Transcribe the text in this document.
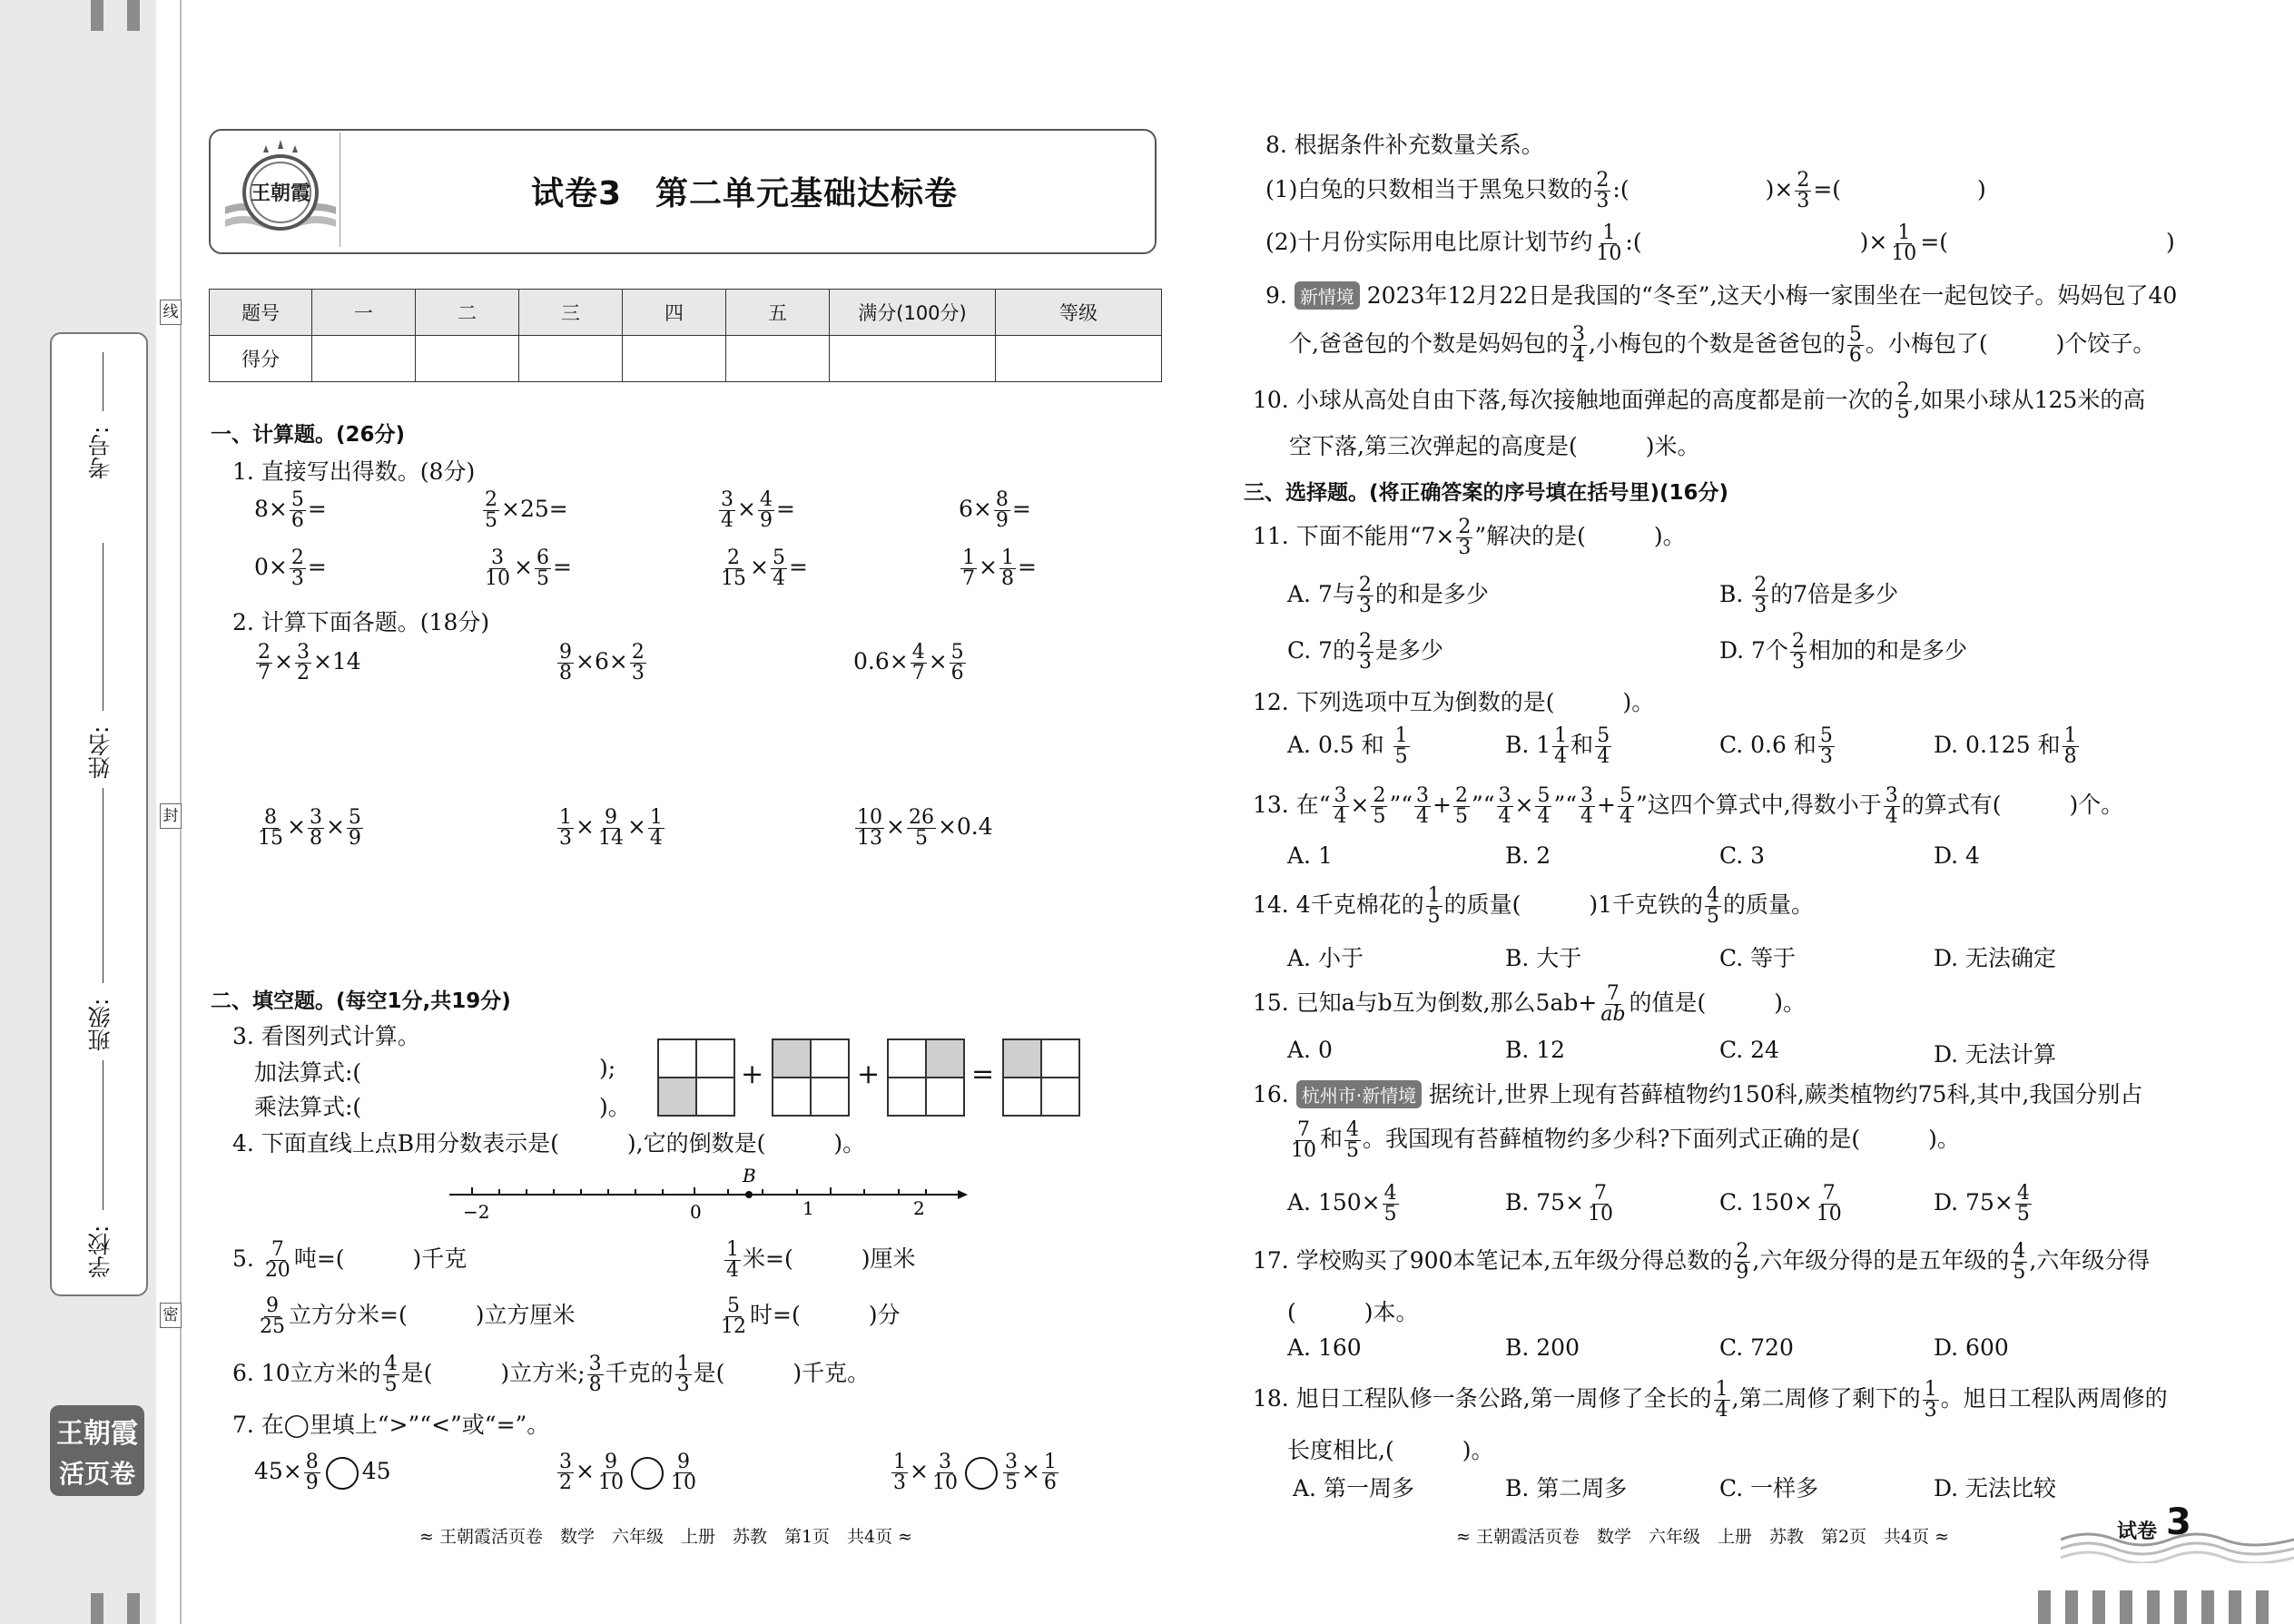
线
封
密
考号:
姓名:
班级:
学校:
王朝霞
活页卷
王朝霞	试卷3　第二单元基础达标卷
题号	一	二	三	四	五	满分(100分)	等级
得分							
一、计算题。(26分)
1. 直接写出得数。(8分)
$8\times \frac{5}{6}$ =	$\frac{2}{5} \times 25=$	$\frac{3}{4} \times \frac{4}{9}$ =	$6\times \frac{8}{9}$ =
$0\times \frac{2}{3}$ =	$\frac{3}{10} \times \frac{6}{5}$ =	$\frac{2}{15} \times \frac{5}{4}$ =	$\frac{1}{7} \times \frac{1}{8}$ =
2. 计算下面各题。(18分)
$\frac{2}{7} \times \frac{3}{2} \times 14$	$\frac{9}{8} \times 6\times \frac{2}{3}$	$0.6\times \frac{4}{7} \times \frac{5}{6}$
$\frac{8}{15} \times \frac{3}{8} \times \frac{5}{9}$	$\frac{1}{3} \times \frac{9}{14} \times \frac{1}{4}$	$\frac{10}{13} \times \frac{26}{5} \times 0.4$
二、填空题。(每空1分,共19分)
3. 看图列式计算。
加法算式:(	);
乘法算式:(	)。
+	+	=
4. 下面直线上点B用分数表示是(　　　),它的倒数是(　　　)。
−2	0	1	2
B
5. $\frac{7}{20}$ 吨=(　　　)千克	$\frac{1}{4}$ 米=(　　　)厘米
$\frac{9}{25}$ 立方分米=(　　　)立方厘米	$\frac{5}{12}$ 时=(　　　)分
6. 10立方米的 $\frac{4}{5}$ 是(　　　)立方米; $\frac{3}{8}$ 千克的 $\frac{1}{3}$ 是(　　　)千克。
7. 在◯里填上“>”“<”或“=”。
$45\times \frac{8}{9} 45$	$\frac{3}{2} \times \frac{9}{10} \frac{9}{10}$	$\frac{1}{3} \times \frac{3}{10} \frac{3}{5} \times \frac{1}{6}$
≈ 王朝霞活页卷　数学　六年级　上册　苏教　第1页　共4页 ≈
8. 根据条件补充数量关系。
(1)白兔的只数相当于黑兔只数的 $\frac{2}{3}$ :(	)× $\frac{2}{3}$ =(	)
(2)十月份实际用电比原计划节约 $\frac{1}{10}$ :(	)× $\frac{1}{10}$ =(	)
9. 新情境 2023年12月22日是我国的“冬至”,这天小梅一家围坐在一起包饺子。妈妈包了40
个,爸爸包的个数是妈妈包的 $\frac{3}{4}$ ,小梅包的个数是爸爸包的 $\frac{5}{6}$ 。小梅包了(　　　)个饺子。
10. 小球从高处自由下落,每次接触地面弹起的高度都是前一次的 $\frac{2}{5}$ ,如果小球从125米的高
空下落,第三次弹起的高度是(　　　)米。
三、选择题。(将正确答案的序号填在括号里)(16分)
11. 下面不能用“$7\times \frac{2}{3}$ ”解决的是(　　　)。
A. 7与 $\frac{2}{3}$ 的和是多少	B. $\frac{2}{3}$ 的7倍是多少
C. 7的 $\frac{2}{3}$ 是多少	D. 7个 $\frac{2}{3}$ 相加的和是多少
12. 下列选项中互为倒数的是(　　　)。
A. 0.5 和 $\frac{1}{5}$	B. $1 \frac{1}{4}$ 和 $\frac{5}{4}$	C. 0.6 和 $\frac{5}{3}$	D. 0.125 和 $\frac{1}{8}$
13. 在“ $\frac{3}{4} \times \frac{2}{5}$ ”“ $\frac{3}{4} + \frac{2}{5}$ ”“ $\frac{3}{4} \times \frac{5}{4}$ ”“ $\frac{3}{4} + \frac{5}{4}$ ”这四个算式中,得数小于 $\frac{3}{4}$ 的算式有(　　　)个。
A. 1	B. 2	C. 3	D. 4
14. 4千克棉花的 $\frac{1}{5}$ 的质量(　　　)1千克铁的 $\frac{4}{5}$ 的质量。
A. 小于	B. 大于	C. 等于	D. 无法确定
15. 已知a与b互为倒数,那么$5ab+ \frac{7}{ab}$ 的值是(　　　)。
A. 0	B. 12	C. 24	D. 无法计算
16. 杭州市·新情境 据统计,世界上现有苔藓植物约150科,蕨类植物约75科,其中,我国分别占
$\frac{7}{10}$ 和 $\frac{4}{5}$ 。我国现有苔藓植物约多少科?下面列式正确的是(　　　)。
A. $150\times \frac{4}{5}$	B. $75\times \frac{7}{10}$	C. $150\times \frac{7}{10}$	D. $75\times \frac{4}{5}$
17. 学校购买了900本笔记本,五年级分得总数的 $\frac{2}{9}$ ,六年级分得的是五年级的 $\frac{4}{5}$ ,六年级分得
(　　　)本。
A. 160	B. 200	C. 720	D. 600
18. 旭日工程队修一条公路,第一周修了全长的 $\frac{1}{4}$ ,第二周修了剩下的 $\frac{1}{3}$ 。旭日工程队两周修的
长度相比,(　　　)。
A. 第一周多	B. 第二周多	C. 一样多	D. 无法比较
≈ 王朝霞活页卷　数学　六年级　上册　苏教　第2页　共4页 ≈	试卷 3
